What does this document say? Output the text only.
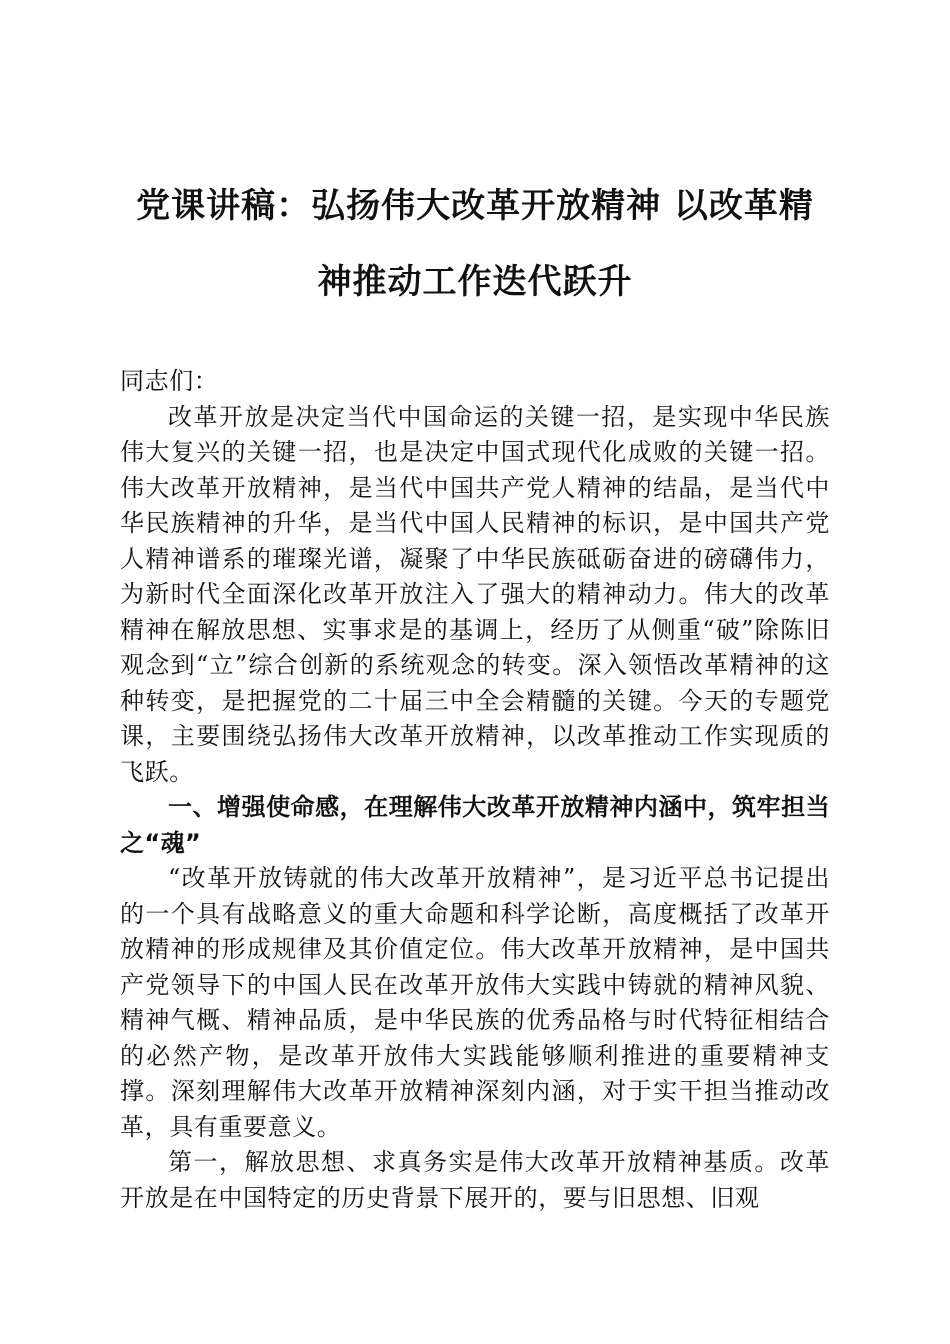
党课讲稿：弘扬伟大改革开放精神 以改革精
神推动工作迭代跃升

同志们：

改革开放是决定当代中国命运的关键一招，是实现中华民族伟大复兴的关键一招，也是决定中国式现代化成败的关键一招。伟大改革开放精神，是当代中国共产党人精神的结晶，是当代中华民族精神的升华，是当代中国人民精神的标识，是中国共产党人精神谱系的璀璨光谱，凝聚了中华民族砥砺奋进的磅礴伟力，为新时代全面深化改革开放注入了强大的精神动力。伟大的改革精神在解放思想、实事求是的基调上，经历了从侧重“破”除陈旧观念到“立”综合创新的系统观念的转变。深入领悟改革精神的这种转变，是把握党的二十届三中全会精髓的关键。今天的专题党课，主要围绕弘扬伟大改革开放精神，以改革推动工作实现质的飞跃。

一、增强使命感，在理解伟大改革开放精神内涵中，筑牢担当之“魂”

“改革开放铸就的伟大改革开放精神”，是习近平总书记提出的一个具有战略意义的重大命题和科学论断，高度概括了改革开放精神的形成规律及其价值定位。伟大改革开放精神，是中国共产党领导下的中国人民在改革开放伟大实践中铸就的精神风貌、精神气概、精神品质，是中华民族的优秀品格与时代特征相结合的必然产物，是改革开放伟大实践能够顺利推进的重要精神支撑。深刻理解伟大改革开放精神深刻内涵，对于实干担当推动改革，具有重要意义。

第一，解放思想、求真务实是伟大改革开放精神基质。改革开放是在中国特定的历史背景下展开的，要与旧思想、旧观
